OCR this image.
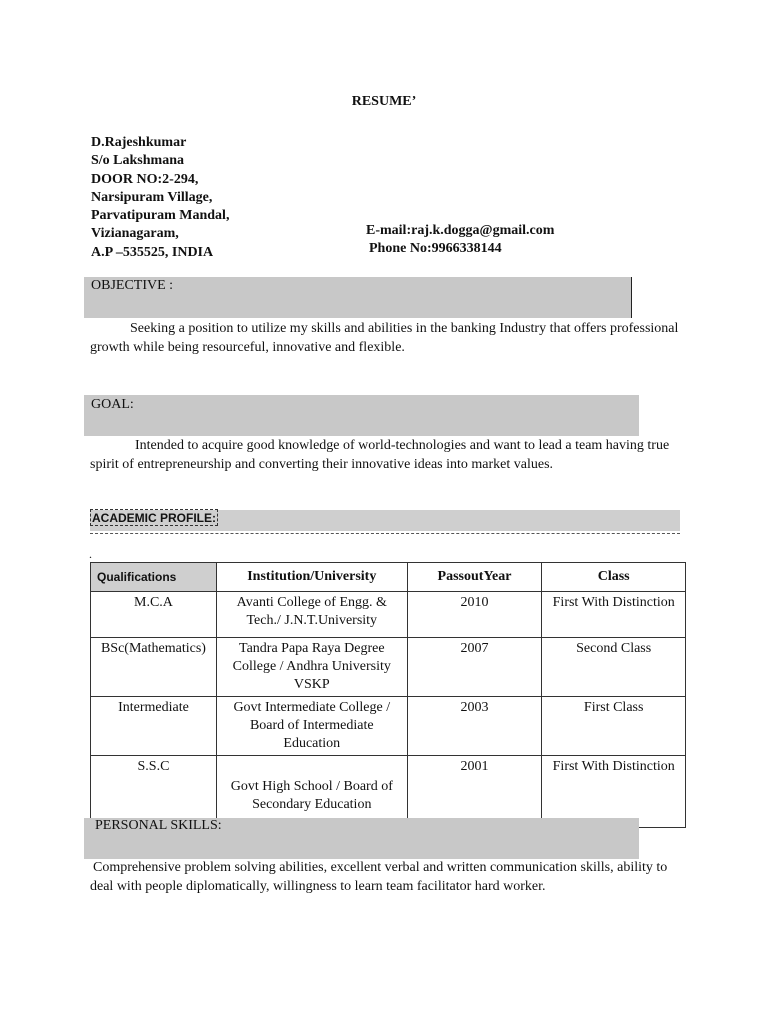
RESUME’
D.Rajeshkumar
S/o Lakshmana
DOOR NO:2-294,
Narsipuram Village,
Parvatipuram Mandal,
Vizianagaram,
A.P –535525, INDIA
E-mail:raj.k.dogga@gmail.com
Phone No:9966338144
OBJECTIVE :
Seeking a position to utilize my skills and abilities in the banking Industry that offers professional growth while being resourceful, innovative and flexible.
GOAL:
Intended to acquire good knowledge of world-technologies and want to lead a team having true spirit of entrepreneurship and converting their innovative ideas into market values.
ACADEMIC PROFILE:
.
Qualifications	Institution/University	PassoutYear	Class
M.C.A	Avanti College of Engg. & Tech./ J.N.T.University	2010	First With Distinction
BSc(Mathematics)	Tandra Papa Raya Degree College / Andhra University VSKP	2007	Second Class
Intermediate	Govt Intermediate College / Board of Intermediate Education	2003	First Class
S.S.C	Govt High School / Board of Secondary Education	2001	First With Distinction
PERSONAL SKILLS:
Comprehensive problem solving abilities, excellent verbal and written communication skills, ability to deal with people diplomatically, willingness to learn team facilitator hard worker.
